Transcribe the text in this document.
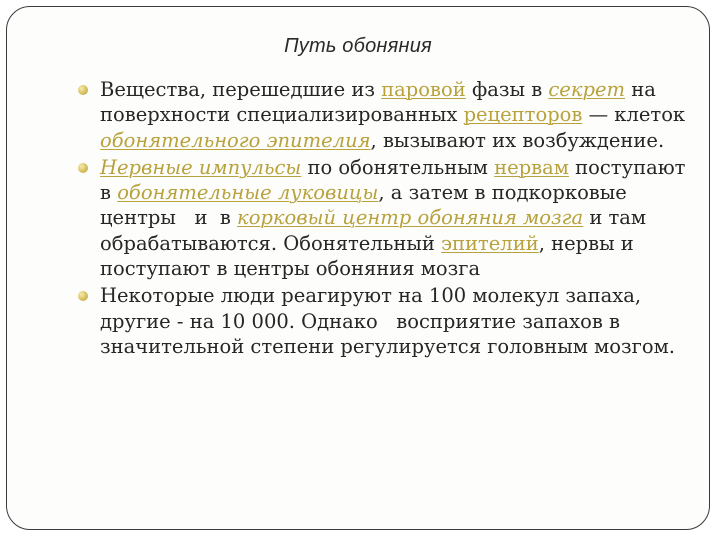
Путь обоняния
Вещества, перешедшие из паровой фазы в секрет на поверхности специализированных рецепторов — клеток обонятельного эпителия, вызывают их возбуждение.
Нервные импульсы по обонятельным нервам поступают в обонятельные луковицы, а затем в подкорковые центры   и  в корковый центр обоняния мозга и там обрабатываются. Обонятельный эпителий, нервы и поступают в центры обоняния мозга
Некоторые люди реагируют на 100 молекул запаха, другие - на 10 000. Однако   восприятие запахов в значительной степени регулируется головным мозгом.
